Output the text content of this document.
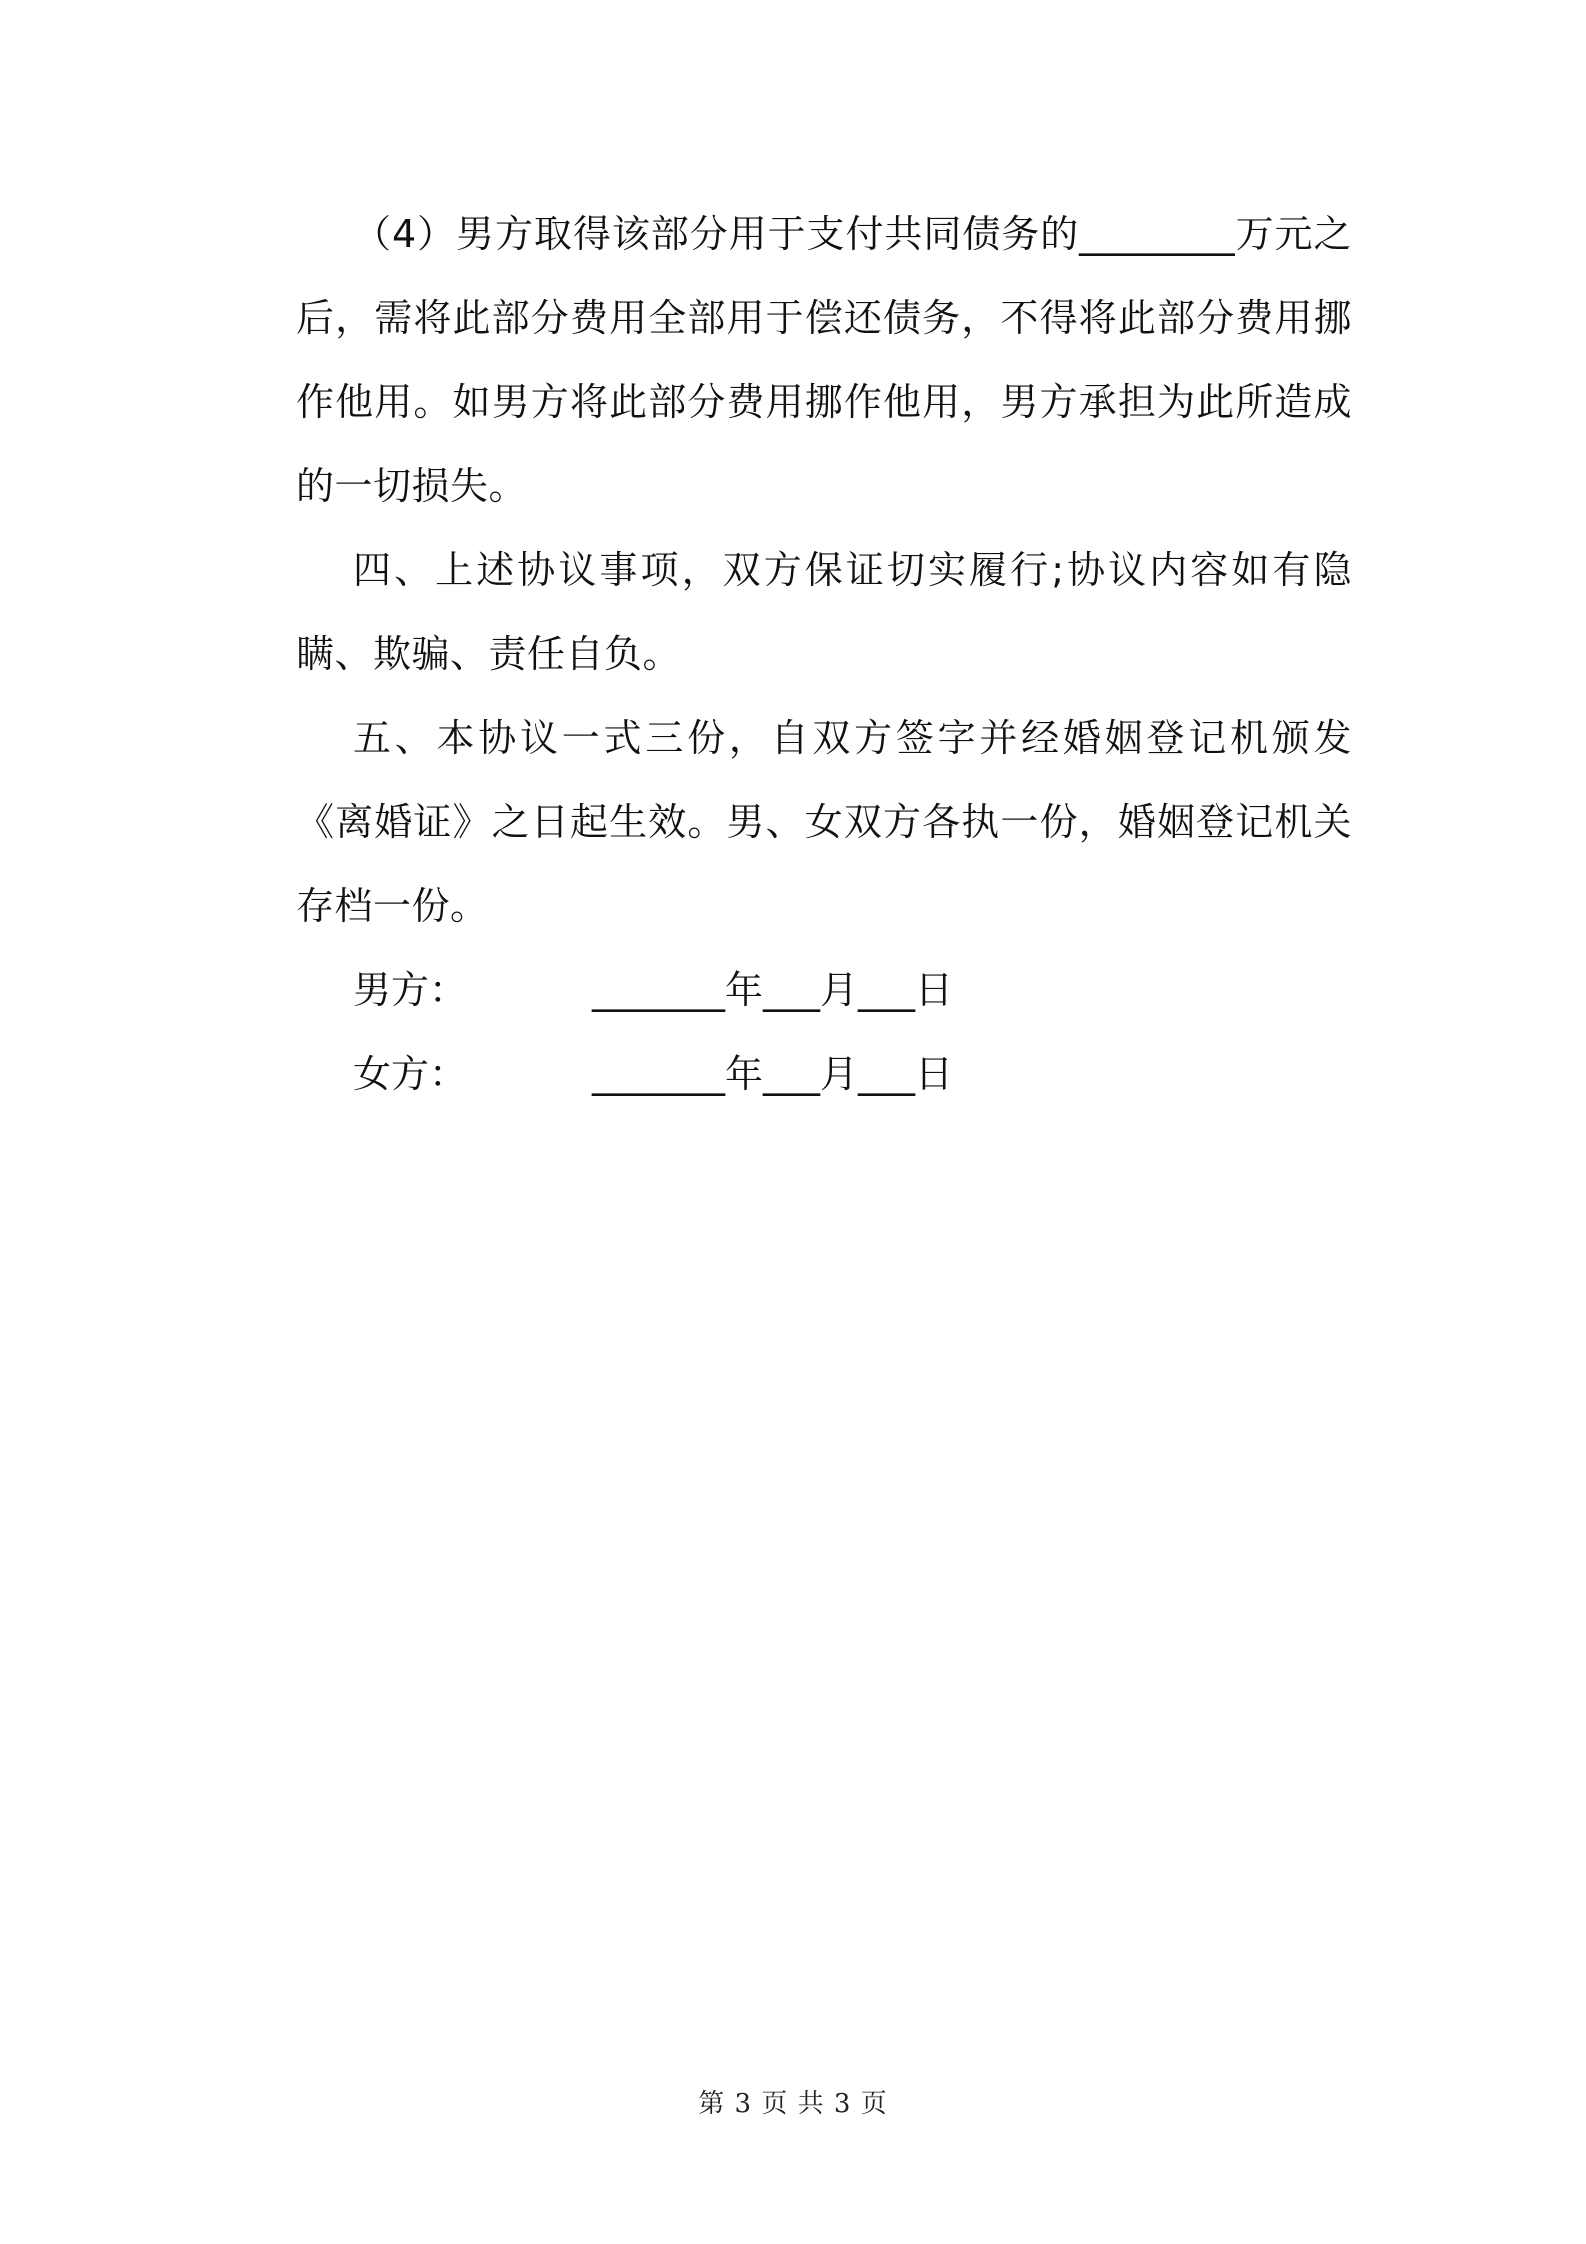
（4）男方取得该部分用于支付共同债务的________万元之后，需将此部分费用全部用于偿还债务，不得将此部分费用挪作他用。如男方将此部分费用挪作他用，男方承担为此所造成的一切损失。

四、上述协议事项，双方保证切实履行;协议内容如有隐瞒、欺骗、责任自负。

五、本协议一式三份，自双方签字并经婚姻登记机颁发《离婚证》之日起生效。男、女双方各执一份，婚姻登记机关存档一份。

男方：	_______年___月___日
女方：	_______年___月___日
第 3 页 共 3 页
